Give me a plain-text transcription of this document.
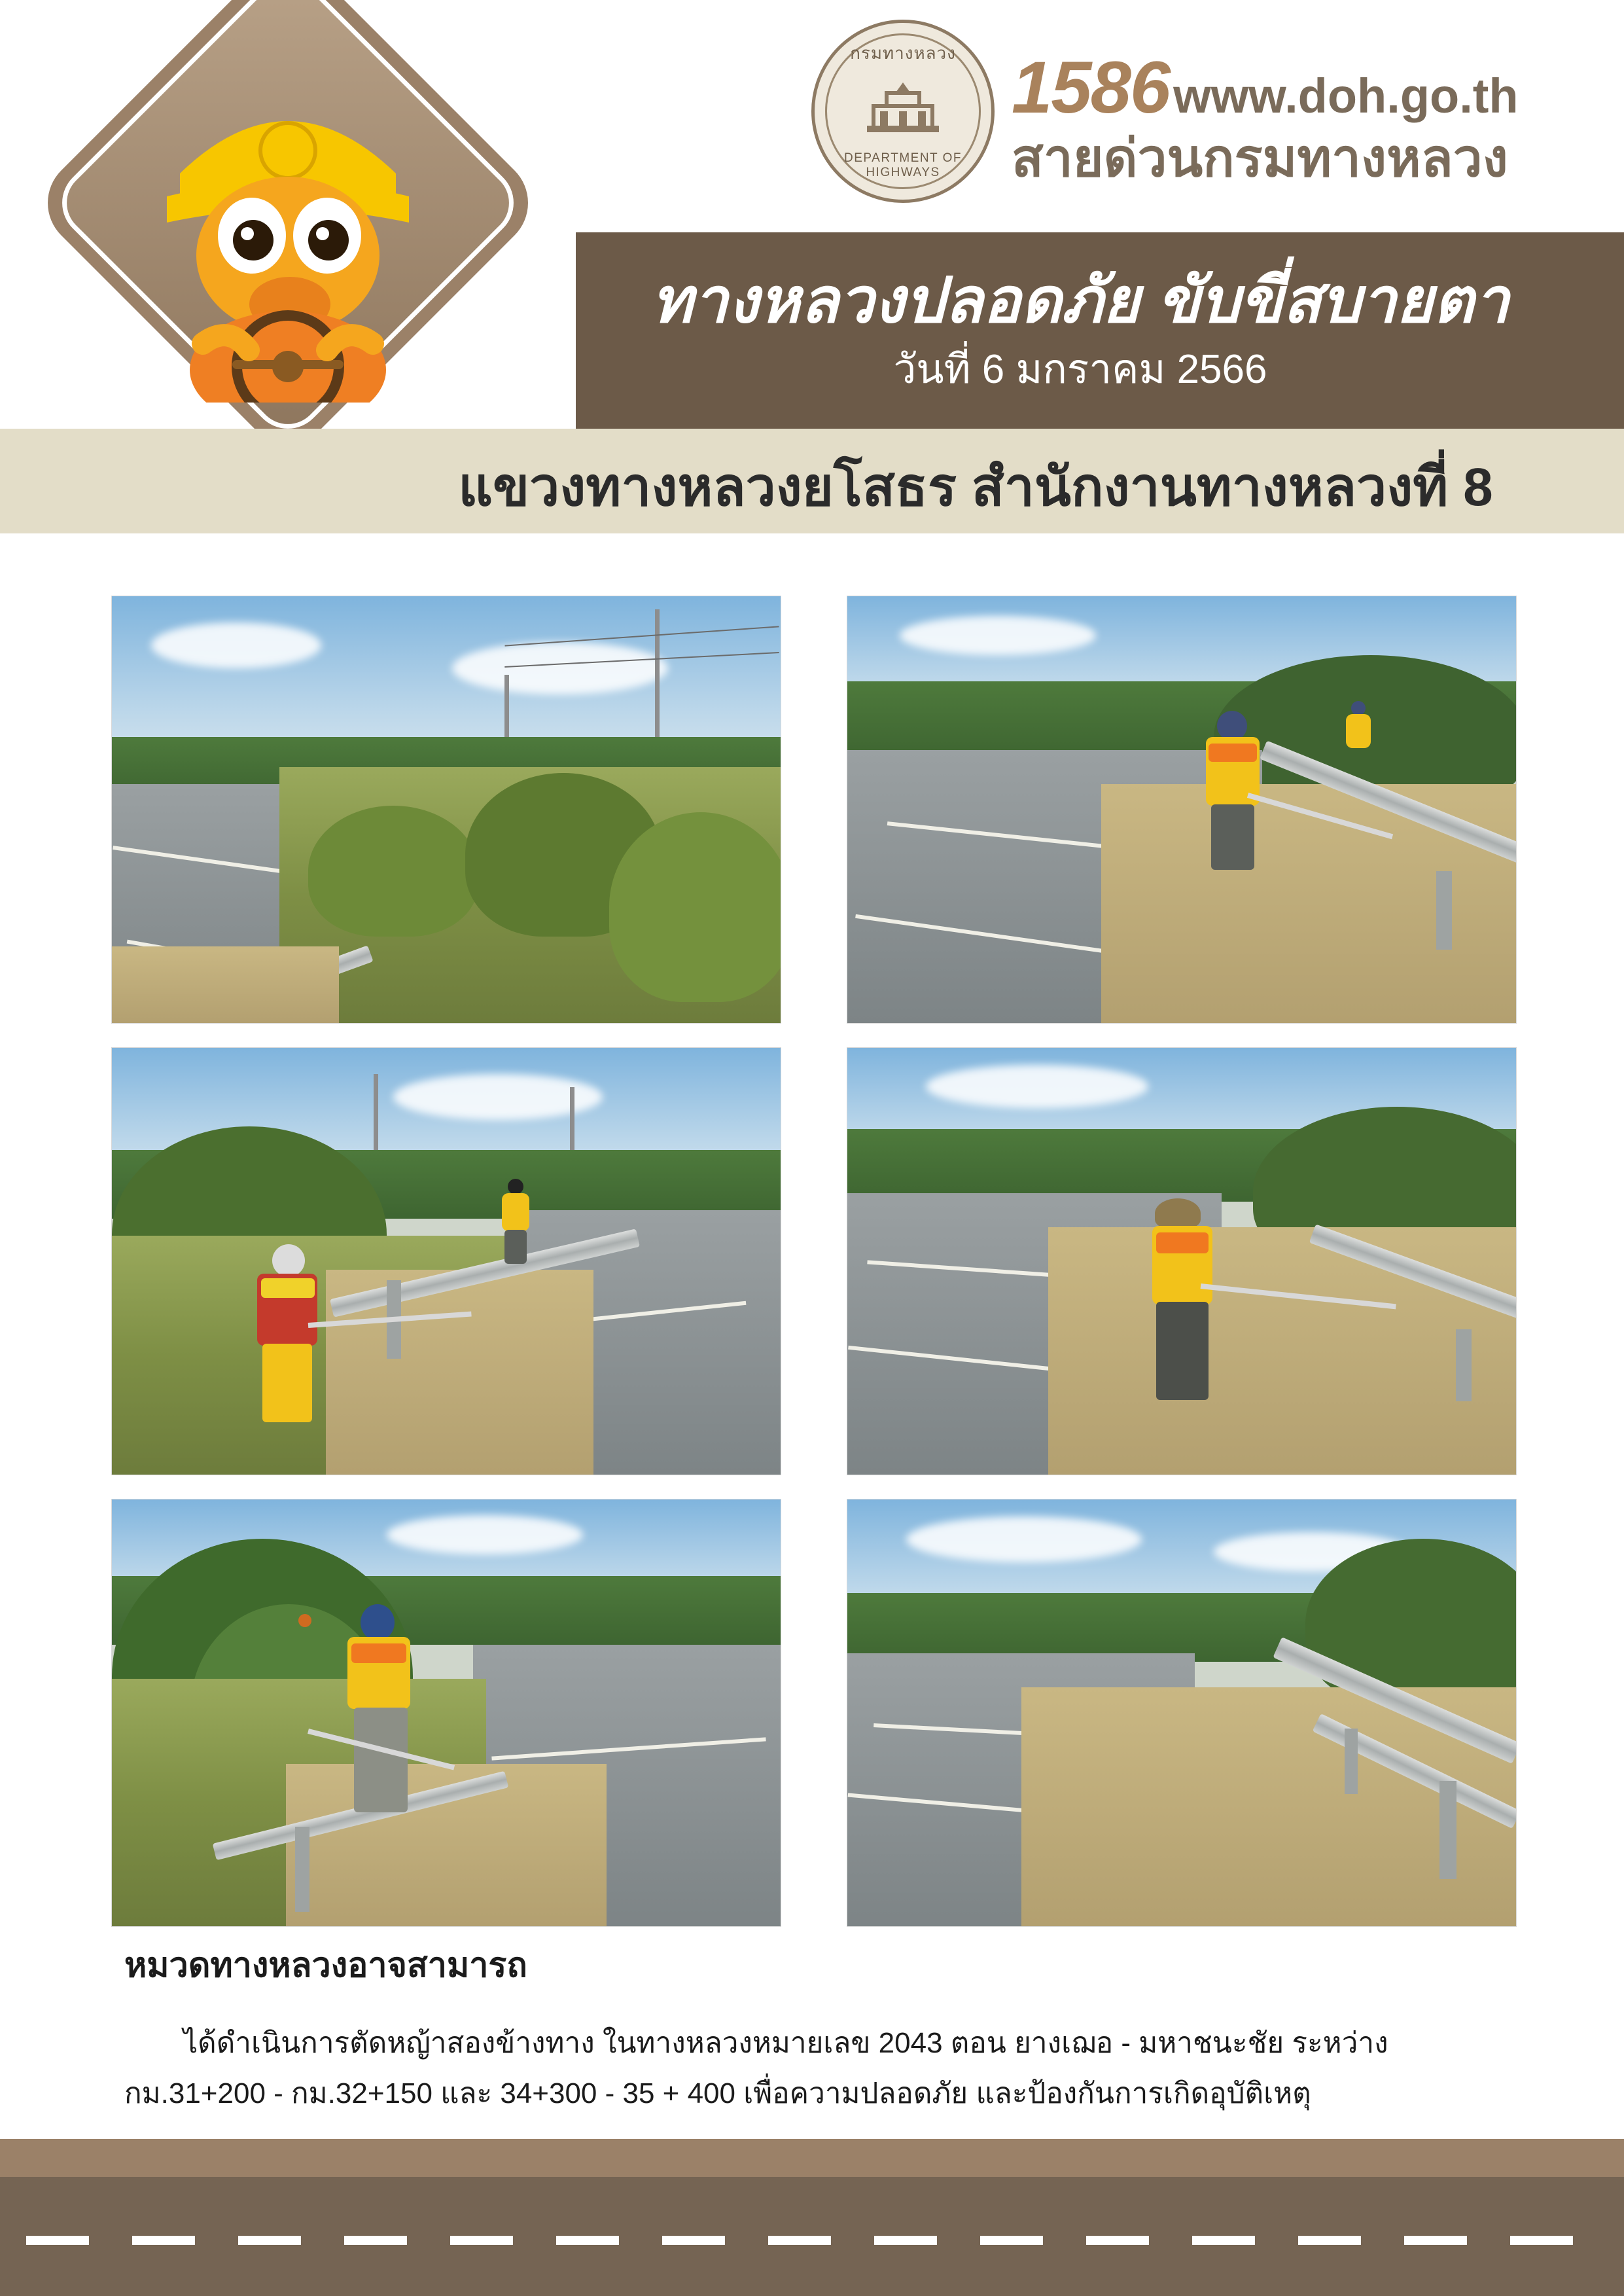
กรมทางหลวง
DEPARTMENT OF HIGHWAYS
1586 www.doh.go.th
สายด่วนกรมทางหลวง
ทางหลวงปลอดภัย ขับขี่สบายตา
วันที่ 6 มกราคม 2566
แขวงทางหลวงยโสธร สำนักงานทางหลวงที่ 8
หมวดทางหลวงอาจสามารถ
ได้ดำเนินการตัดหญ้าสองข้างทาง ในทางหลวงหมายเลข 2043 ตอน ยางเฌอ - มหาชนะชัย ระหว่างกม.31+200 - กม.32+150 และ 34+300 - 35 + 400 เพื่อความปลอดภัย และป้องกันการเกิดอุบัติเหตุ
